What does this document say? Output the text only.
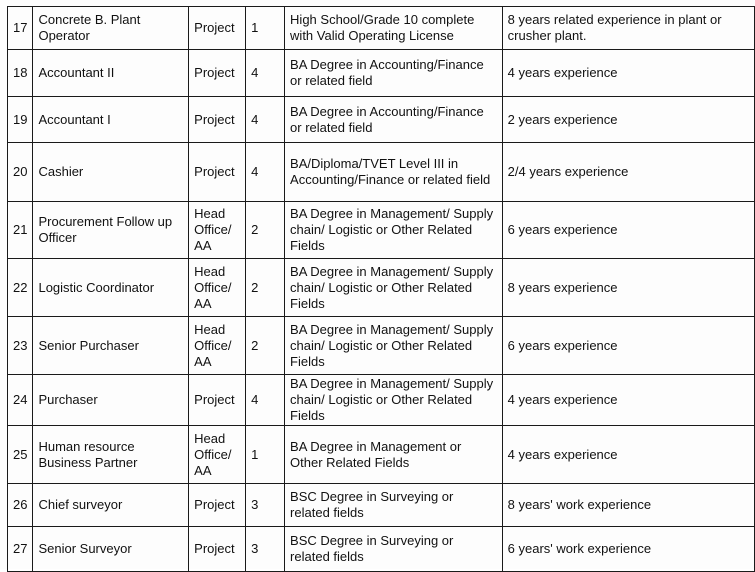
17	Concrete B. Plant Operator	Project	1	High School/Grade 10 complete with Valid Operating License	8 years related experience in plant or crusher plant.
18	Accountant II	Project	4	BA Degree in Accounting/Finance or related field	4 years experience
19	Accountant I	Project	4	BA Degree in Accounting/Finance or related field	2 years experience
20	Cashier	Project	4	BA/Diploma/TVET Level III in Accounting/Finance or related field	2/4 years experience
21	Procurement Follow up Officer	Head Office/ AA	2	BA Degree in Management/ Supply chain/ Logistic or Other Related Fields	6 years experience
22	Logistic Coordinator	Head Office/ AA	2	BA Degree in Management/ Supply chain/ Logistic or Other Related Fields	8 years experience
23	Senior Purchaser	Head Office/ AA	2	BA Degree in Management/ Supply chain/ Logistic or Other Related Fields	6 years experience
24	Purchaser	Project	4	BA Degree in Management/ Supply chain/ Logistic or Other Related Fields	4 years experience
25	Human resource Business Partner	Head Office/ AA	1	BA Degree in Management or Other Related Fields	4 years experience
26	Chief surveyor	Project	3	BSC Degree in Surveying or related fields	8 years' work experience
27	Senior Surveyor	Project	3	BSC Degree in Surveying or related fields	6 years' work experience
